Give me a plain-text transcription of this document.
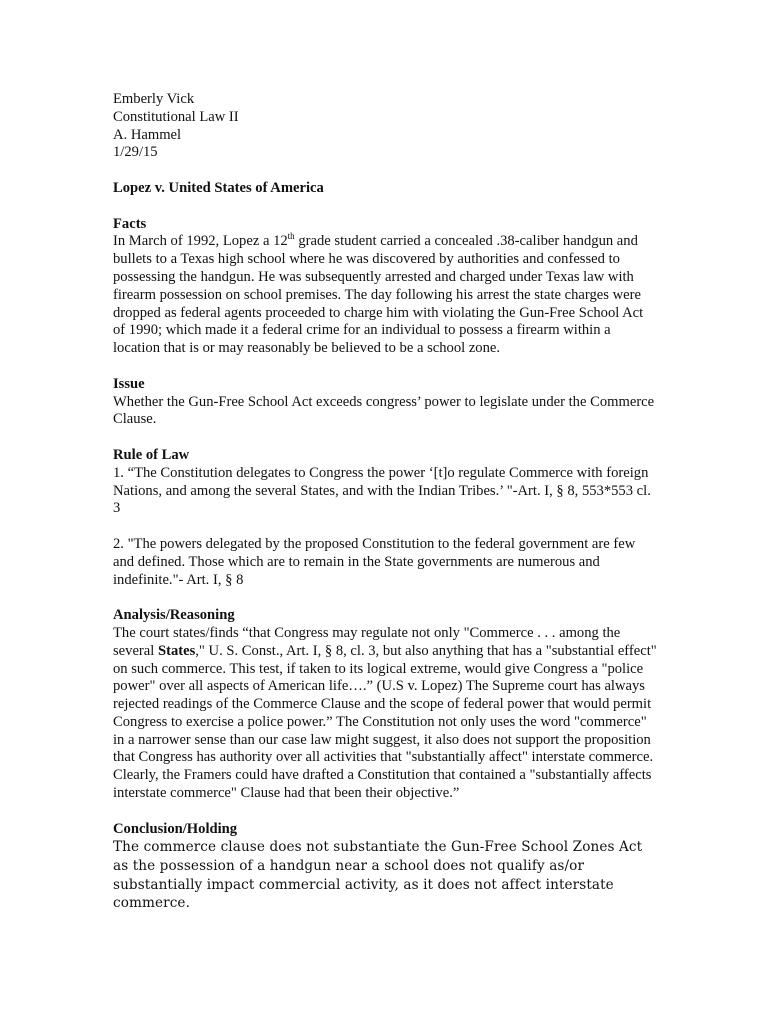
Emberly Vick
Constitutional Law II
A. Hammel
1/29/15
Lopez v. United States of America
Facts

In March of 1992, Lopez a 12th grade student carried a concealed .38-caliber handgun and bullets to a Texas high school where he was discovered by authorities and confessed to possessing the handgun. He was subsequently arrested and charged under Texas law with firearm possession on school premises. The day following his arrest the state charges were dropped as federal agents proceeded to charge him with violating the Gun-Free School Act of 1990; which made it a federal crime for an individual to possess a firearm within a location that is or may reasonably be believed to be a school zone.

Issue

Whether the Gun-Free School Act exceeds congress’ power to legislate under the Commerce Clause.

Rule of Law

1. “The Constitution delegates to Congress the power ‘[t]o regulate Commerce with foreign Nations, and among the several States, and with the Indian Tribes.’ "-Art. I, § 8, 553*553 cl. 3

2. "The powers delegated by the proposed Constitution to the federal government are few and defined. Those which are to remain in the State governments are numerous and indefinite."- Art. I, § 8

Analysis/Reasoning

The court states/finds “that Congress may regulate not only "Commerce . . . among the several States," U. S. Const., Art. I, § 8, cl. 3, but also anything that has a "substantial effect" on such commerce. This test, if taken to its logical extreme, would give Congress a "police power" over all aspects of American life….” (U.S v. Lopez) The Supreme court has always rejected readings of the Commerce Clause and the scope of federal power that would permit Congress to exercise a police power.” The Constitution not only uses the word "commerce" in a narrower sense than our case law might suggest, it also does not support the proposition that Congress has authority over all activities that "substantially affect" interstate commerce. Clearly, the Framers could have drafted a Constitution that contained a "substantially affects interstate commerce" Clause had that been their objective.”

Conclusion/Holding

The commerce clause does not substantiate the Gun-Free School Zones Act as the possession of a handgun near a school does not qualify as/or substantially impact commercial activity, as it does not affect interstate commerce.
